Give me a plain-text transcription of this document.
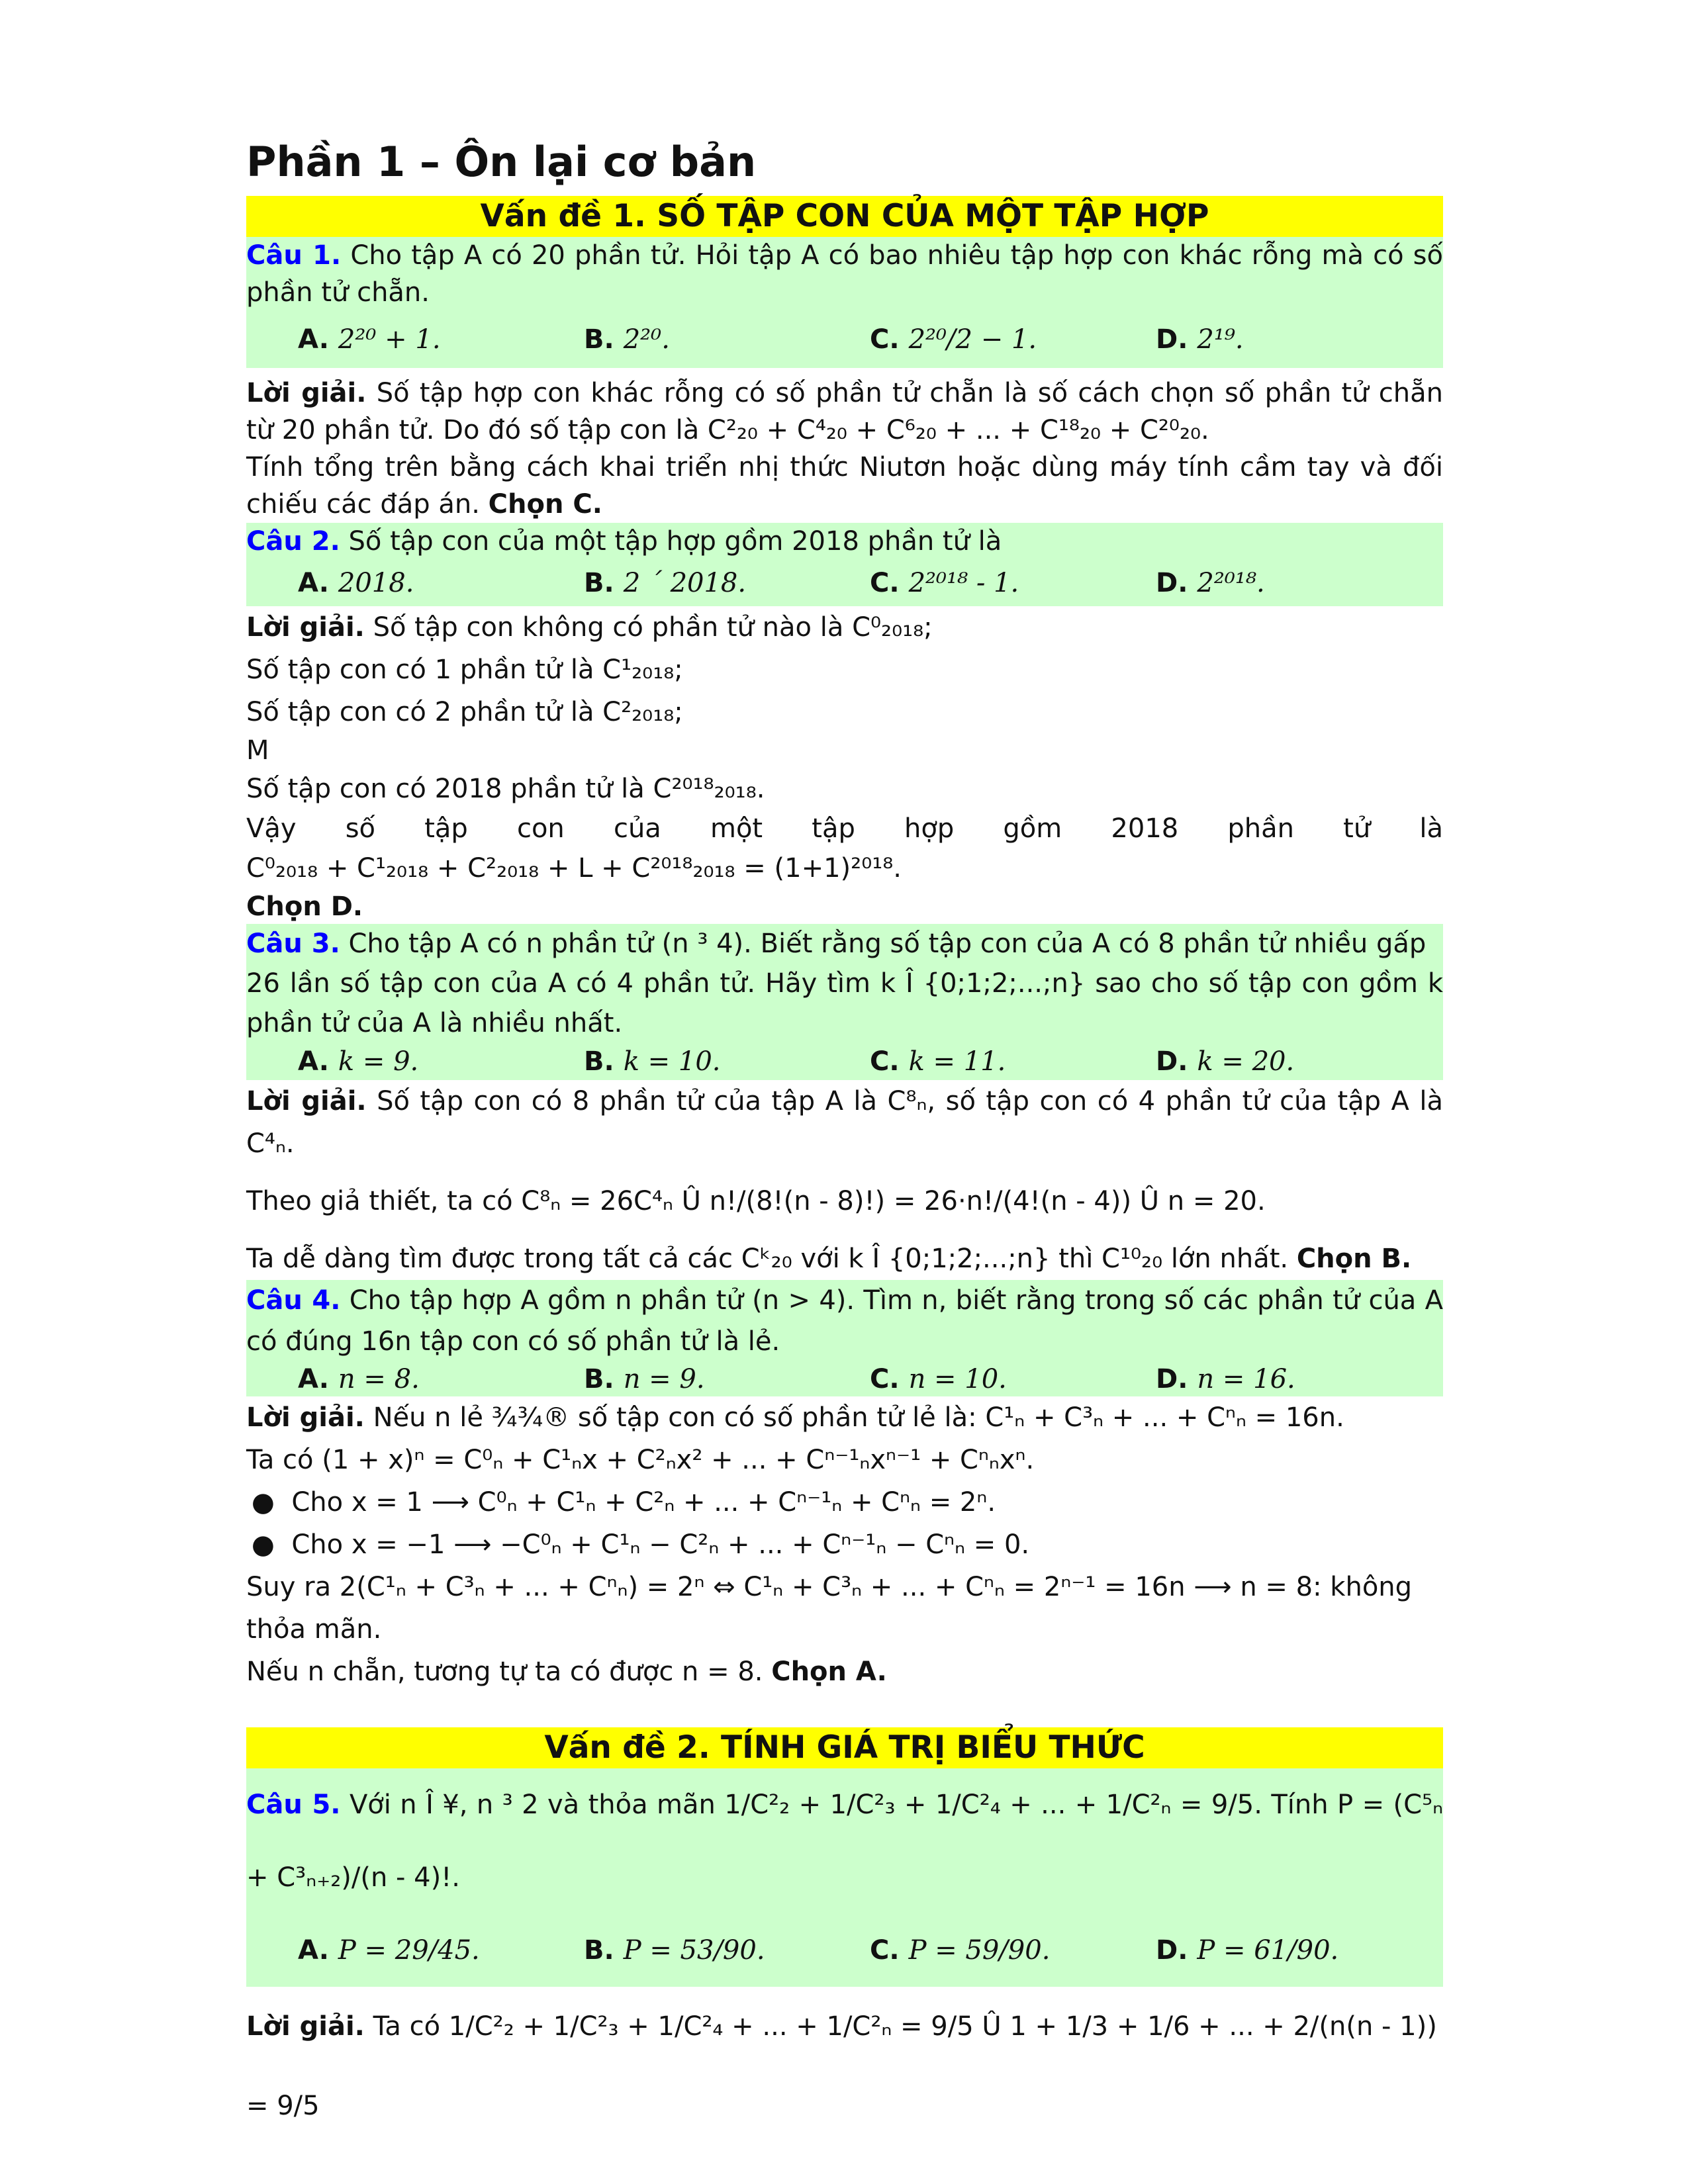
Phần 1 – Ôn lại cơ bản
Vấn đề 1. SỐ TẬP CON CỦA MỘT TẬP HỢP
Câu 1. Cho tập A có 20 phần tử. Hỏi tập A có bao nhiêu tập hợp con khác rỗng mà có số phần tử chẵn.
A. 2²⁰ + 1.	B. 2²⁰.	C. 2²⁰/2 − 1.	D. 2¹⁹.
Lời giải. Số tập hợp con khác rỗng có số phần tử chẵn là số cách chọn số phần tử chẵn từ 20 phần tử. Do đó số tập con là C²₂₀ + C⁴₂₀ + C⁶₂₀ + ... + C¹⁸₂₀ + C²⁰₂₀.
Tính tổng trên bằng cách khai triển nhị thức Niutơn hoặc dùng máy tính cầm tay và đối chiếu các đáp án. Chọn C.
Câu 2. Số tập con của một tập hợp gồm 2018 phần tử là
A. 2018.	B. 2 ´ 2018.	C. 2²⁰¹⁸ - 1.	D. 2²⁰¹⁸.
Lời giải. Số tập con không có phần tử nào là C⁰₂₀₁₈;
Số tập con có 1 phần tử là C¹₂₀₁₈;
Số tập con có 2 phần tử là C²₂₀₁₈;
M
Số tập con có 2018 phần tử là C²⁰¹⁸₂₀₁₈.
Vậy số tập con của một tập hợp gồm 2018 phần tử là
C⁰₂₀₁₈ + C¹₂₀₁₈ + C²₂₀₁₈ + L + C²⁰¹⁸₂₀₁₈ = (1+1)²⁰¹⁸.
Chọn D.
Câu 3. Cho tập A có n phần tử (n ³ 4). Biết rằng số tập con của A có 8 phần tử nhiều gấp
26 lần số tập con của A có 4 phần tử. Hãy tìm k Î {0;1;2;...;n} sao cho số tập con gồm k phần tử của A là nhiều nhất.
A. k = 9.	B. k = 10.	C. k = 11.	D. k = 20.
Lời giải. Số tập con có 8 phần tử của tập A là C⁸ₙ, số tập con có 4 phần tử của tập A là C⁴ₙ.
Theo giả thiết, ta có C⁸ₙ = 26C⁴ₙ Û n!/(8!(n - 8)!) = 26·n!/(4!(n - 4)) Û n = 20.
Ta dễ dàng tìm được trong tất cả các Cᵏ₂₀ với k Î {0;1;2;...;n} thì C¹⁰₂₀ lớn nhất. Chọn B.
Câu 4. Cho tập hợp A gồm n phần tử (n > 4). Tìm n, biết rằng trong số các phần tử của A có đúng 16n tập con có số phần tử là lẻ.
A. n = 8.	B. n = 9.	C. n = 10.	D. n = 16.
Lời giải. Nếu n lẻ ¾¾® số tập con có số phần tử lẻ là: C¹ₙ + C³ₙ + ... + Cⁿₙ = 16n.
Ta có (1 + x)ⁿ = C⁰ₙ + C¹ₙx + C²ₙx² + ... + Cⁿ⁻¹ₙxⁿ⁻¹ + Cⁿₙxⁿ.
●  Cho x = 1 ⟶ C⁰ₙ + C¹ₙ + C²ₙ + ... + Cⁿ⁻¹ₙ + Cⁿₙ = 2ⁿ.
●  Cho x = −1 ⟶ −C⁰ₙ + C¹ₙ − C²ₙ + ... + Cⁿ⁻¹ₙ − Cⁿₙ = 0.
Suy ra 2(C¹ₙ + C³ₙ + ... + Cⁿₙ) = 2ⁿ ⇔ C¹ₙ + C³ₙ + ... + Cⁿₙ = 2ⁿ⁻¹ = 16n ⟶ n = 8: không thỏa mãn.
Nếu n chẵn, tương tự ta có được n = 8. Chọn A.
Vấn đề 2. TÍNH GIÁ TRỊ BIỂU THỨC
Câu 5. Với n Î ¥, n ³ 2 và thỏa mãn 1/C²₂ + 1/C²₃ + 1/C²₄ + ... + 1/C²ₙ = 9/5. Tính P = (C⁵ₙ + C³ₙ₊₂)/(n - 4)!.
A. P = 29/45.	B. P = 53/90.	C. P = 59/90.	D. P = 61/90.
Lời giải. Ta có 1/C²₂ + 1/C²₃ + 1/C²₄ + ... + 1/C²ₙ = 9/5 Û 1 + 1/3 + 1/6 + ... + 2/(n(n - 1)) = 9/5
